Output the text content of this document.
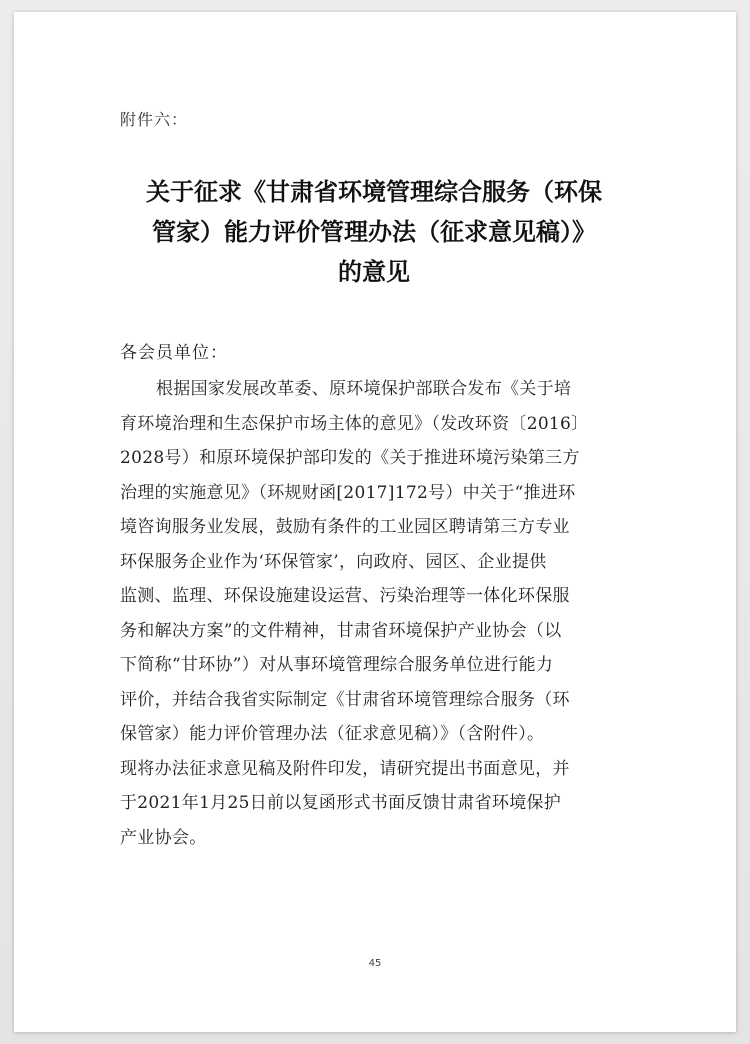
附件六：
关于征求《甘肃省环境管理综合服务（环保
管家）能力评价管理办法（征求意见稿）》
的意见
各会员单位：
根据国家发展改革委、原环境保护部联合发布《关于培
育环境治理和生态保护市场主体的意见》（发改环资〔2016〕
2028号）和原环境保护部印发的《关于推进环境污染第三方
治理的实施意见》（环规财函[2017]172号）中关于“推进环
境咨询服务业发展，鼓励有条件的工业园区聘请第三方专业
环保服务企业作为‘环保管家’，向政府、园区、企业提供
监测、监理、环保设施建设运营、污染治理等一体化环保服
务和解决方案”的文件精神，甘肃省环境保护产业协会（以
下简称“甘环协”）对从事环境管理综合服务单位进行能力
评价，并结合我省实际制定《甘肃省环境管理综合服务（环
保管家）能力评价管理办法（征求意见稿）》（含附件）。
现将办法征求意见稿及附件印发，请研究提出书面意见，并
于2021年1月25日前以复函形式书面反馈甘肃省环境保护
产业协会。
45
